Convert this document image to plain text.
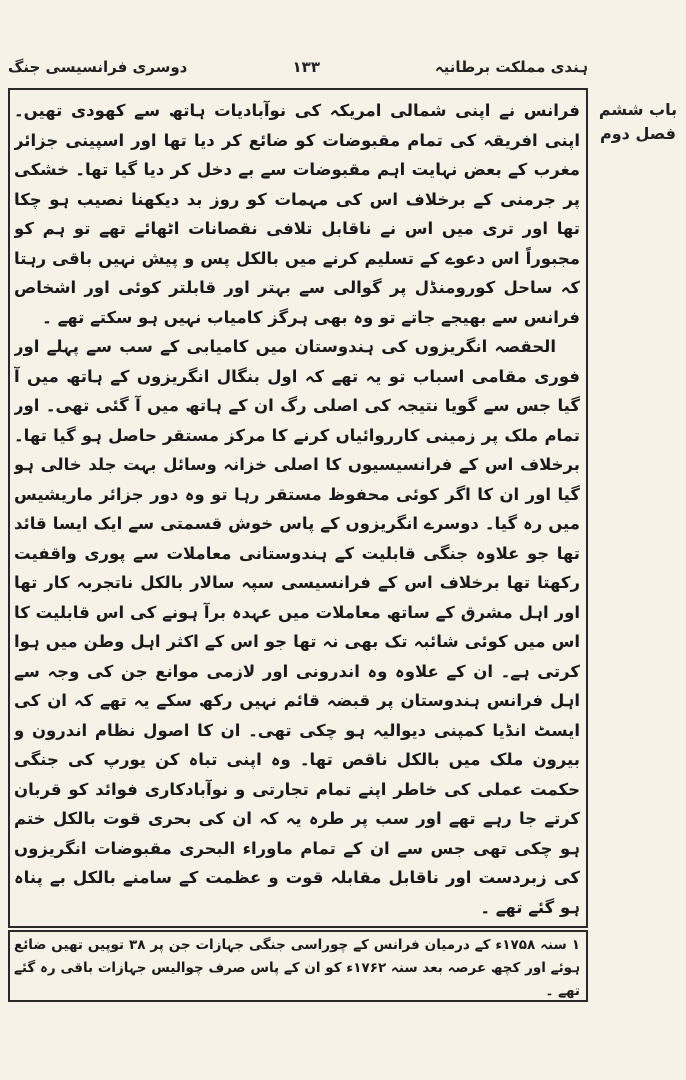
ہندی مملکت برطانیہ
۱۳۳
دوسری فرانسیسی جنگ

فرانس نے اپنی شمالی امریکہ کی نوآبادیات ہاتھ سے کھودی تھیں۔ اپنی افریقہ کی تمام مقبوضات کو ضائع کر دیا تھا اور اسپینی جزائر مغرب کے بعض نہایت اہم مقبوضات سے بے دخل کر دیا گیا تھا۔ خشکی پر جرمنی کے برخلاف اس کی مہمات کو روز بد دیکھنا نصیب ہو چکا تھا اور تری میں اس نے ناقابل تلافی نقصانات اٹھائے تھے تو ہم کو مجبوراً اس دعوے کے تسلیم کرنے میں بالکل پس و پیش نہیں باقی رہتا کہ ساحل کورومنڈل پر گوالی سے بہتر اور قابلتر کوئی اور اشخاص فرانس سے بھیجے جاتے تو وہ بھی ہرگز کامیاب نہیں ہو سکتے تھے ۔

الحقصہ انگریزوں کی ہندوستان میں کامیابی کے سب سے پہلے اور فوری مقامی اسباب تو یہ تھے کہ اول بنگال انگریزوں کے ہاتھ میں آ گیا جس سے گویا نتیجہ کی اصلی رگ ان کے ہاتھ میں آ گئی تھی۔ اور تمام ملک پر زمینی کارروائیاں کرنے کا مرکز مستقر حاصل ہو گیا تھا۔ برخلاف اس کے فرانسیسیوں کا اصلی خزانہ وسائل بہت جلد خالی ہو گیا اور ان کا اگر کوئی محفوظ مستقر رہا تو وہ دور جزائر ماریشیس میں رہ گیا۔ دوسرے انگریزوں کے پاس خوش قسمتی سے ایک ایسا قائد تھا جو علاوہ جنگی قابلیت کے ہندوستانی معاملات سے پوری واقفیت رکھتا تھا برخلاف اس کے فرانسیسی سپہ سالار بالکل ناتجربہ کار تھا اور اہل مشرق کے ساتھ معاملات میں عہدہ برآ ہونے کی اس قابلیت کا اس میں کوئی شائبہ تک بھی نہ تھا جو اس کے اکثر اہل وطن میں ہوا کرتی ہے۔ ان کے علاوہ وہ اندرونی اور لازمی موانع جن کی وجہ سے اہل فرانس ہندوستان پر قبضہ قائم نہیں رکھ سکے یہ تھے کہ ان کی ایسٹ انڈیا کمپنی دیوالیہ ہو چکی تھی۔ ان کا اصول نظام اندرون و بیرون ملک میں بالکل ناقص تھا۔ وہ اپنی تباہ کن یورپ کی جنگی حکمت عملی کی خاطر اپنے تمام تجارتی و نوآبادکاری فوائد کو قربان کرتے جا رہے تھے اور سب پر طرہ یہ کہ ان کی بحری قوت بالکل ختم ہو چکی تھی جس سے ان کے تمام ماوراء البحری مقبوضات انگریزوں کی زبردست اور ناقابل مقابلہ قوت و عظمت کے سامنے بالکل بے پناہ ہو گئے تھے ۔

باب ششم
فصل دوم
۱ سنہ ۱۷۵۸ء کے درمیان فرانس کے چوراسی جنگی جہازات جن پر ۳۸ توپیں تھیں ضائع ہوئے اور کچھ عرصہ بعد سنہ ۱۷۶۲ء کو ان کے پاس صرف چوالیس جہازات باقی رہ گئے تھے ۔
